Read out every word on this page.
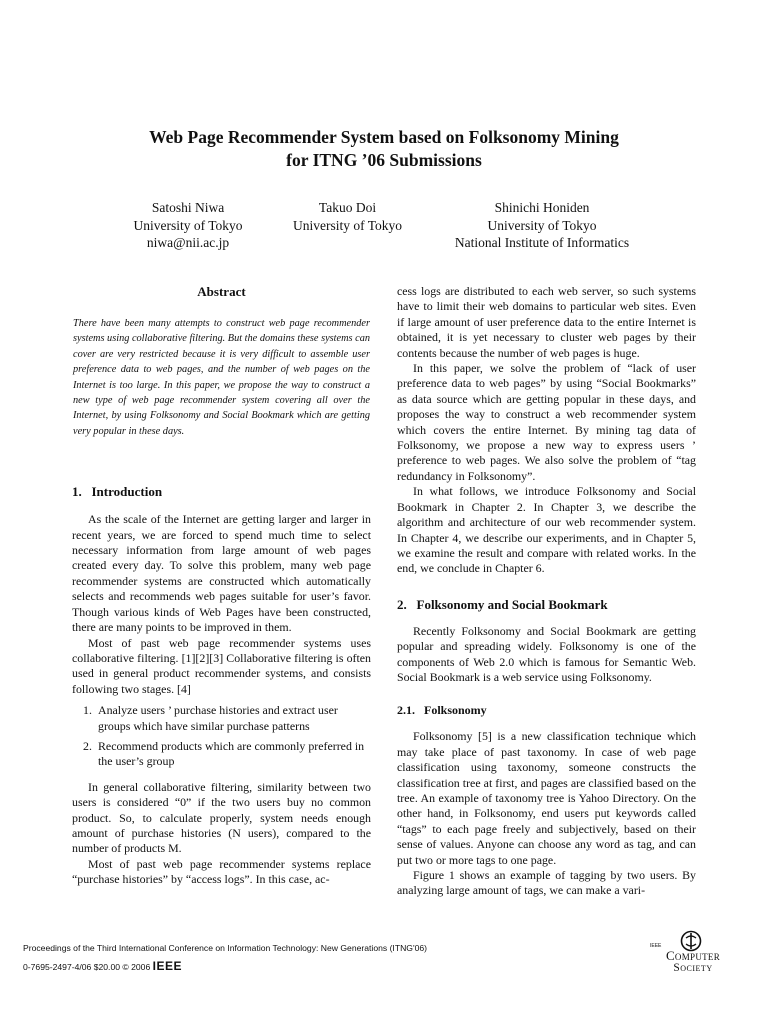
Web Page Recommender System based on Folksonomy Mining
for ITNG ’06 Submissions
Satoshi Niwa
University of Tokyo
niwa@nii.ac.jp
Takuo Doi
University of Tokyo
Shinichi Honiden
University of Tokyo
National Institute of Informatics
Abstract

There have been many attempts to construct web page recommender systems using collaborative filtering. But the domains these systems can cover are very restricted because it is very difficult to assemble user preference data to web pages, and the number of web pages on the Internet is too large. In this paper, we propose the way to construct a new type of web page recommender system covering all over the Internet, by using Folksonomy and Social Bookmark which are getting very popular in these days.

1.   Introduction

As the scale of the Internet are getting larger and larger in recent years, we are forced to spend much time to select necessary information from large amount of web pages created every day. To solve this problem, many web page recommender systems are constructed which automatically selects and recommends web pages suitable for user’s favor. Though various kinds of Web Pages have been constructed, there are many points to be improved in them.

Most of past web page recommender systems uses collaborative filtering. [1][2][3] Collaborative filtering is often used in general product recommender systems, and consists following two stages. [4]

1. Analyze users ’ purchase histories and extract user groups which have similar purchase patterns
2. Recommend products which are commonly preferred in the user’s group

In general collaborative filtering, similarity between two users is considered “0” if the two users buy no common product. So, to calculate properly, system needs enough amount of purchase histories (N users), compared to the number of products M.

Most of past web page recommender systems replace “purchase histories” by “access logs”. In this case, ac-

cess logs are distributed to each web server, so such systems have to limit their web domains to particular web sites. Even if large amount of user preference data to the entire Internet is obtained, it is yet necessary to cluster web pages by their contents because the number of web pages is huge.

In this paper, we solve the problem of “lack of user preference data to web pages” by using “Social Bookmarks” as data source which are getting popular in these days, and proposes the way to construct a web recommender system which covers the entire Internet. By mining tag data of Folksonomy, we propose a new way to express users ’ preference to web pages. We also solve the problem of “tag redundancy in Folksonomy”.

In what follows, we introduce Folksonomy and Social Bookmark in Chapter 2. In Chapter 3, we describe the algorithm and architecture of our web recommender system. In Chapter 4, we describe our experiments, and in Chapter 5, we examine the result and compare with related works. In the end, we conclude in Chapter 6.

2.   Folksonomy and Social Bookmark

Recently Folksonomy and Social Bookmark are getting popular and spreading widely. Folksonomy is one of the components of Web 2.0 which is famous for Semantic Web. Social Bookmark is a web service using Folksonomy.

2.1.   Folksonomy

Folksonomy [5] is a new classification technique which may take place of past taxonomy. In case of web page classification using taxonomy, someone constructs the classification tree at first, and pages are classified based on the tree. An example of taxonomy tree is Yahoo Directory. On the other hand, in Folksonomy, end users put keywords called “tags” to each page freely and subjectively, based on their sense of values. Anyone can choose any word as tag, and can put two or more tags to one page.

Figure 1 shows an example of tagging by two users. By analyzing large amount of tags, we can make a vari-

Proceedings of the Third International Conference on Information Technology: New Generations (ITNG'06)
0-7695-2497-4/06 $20.00 © 2006 IEEE
IEEE
Computer
Society
